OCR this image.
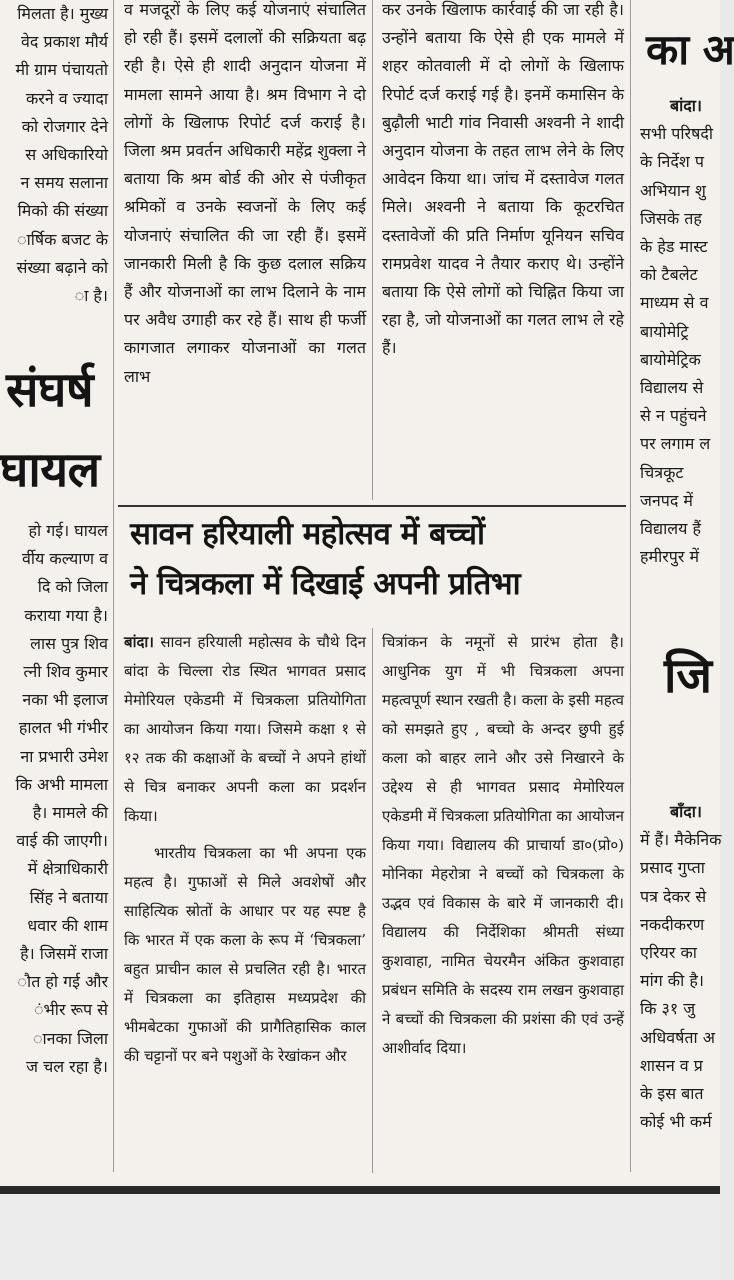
मिलता है। मुख्य
वेद प्रकाश मौर्य
मी ग्राम पंचायतो
करने व ज्यादा
को रोजगार देने
स अधिकारियो
न समय सलाना
मिको की संख्या
ार्षिक बजट के
संख्या बढ़ाने को
ा है।
संघर्ष
घायल
हो गई। घायल
र्वीय कल्याण व
दि को जिला
कराया गया है।
लास पुत्र शिव
त्नी शिव कुमार
नका भी इलाज
हालत भी गंभीर
ना प्रभारी उमेश
कि अभी मामला
है। मामले की
वाई की जाएगी।
में क्षेत्राधिकारी
सिंह ने बताया
धवार की शाम
है। जिसमें राजा
ौत हो गई और
ंभीर रूप से
ानका जिला
ज चल रहा है।

व मजदूरों के लिए कई योजनाएं संचालित हो रही हैं। इसमें दलालों की सक्रियता बढ़ रही है। ऐसे ही शादी अनुदान योजना में मामला सामने आया है। श्रम विभाग ने दो लोगों के खिलाफ रिपोर्ट दर्ज कराई है। जिला श्रम प्रवर्तन अधिकारी महेंद्र शुक्ला ने बताया कि श्रम बोर्ड की ओर से पंजीकृत श्रमिकों व उनके स्वजनों के लिए कई योजनाएं संचालित की जा रही हैं। इसमें जानकारी मिली है कि कुछ दलाल सक्रिय हैं और योजनाओं का लाभ दिलाने के नाम पर अवैध उगाही कर रहे हैं। साथ ही फर्जी कागजात लगाकर योजनाओं का गलत लाभ

कर उनके खिलाफ कार्रवाई की जा रही है। उन्होंने बताया कि ऐसे ही एक मामले में शहर कोतवाली में दो लोगों के खिलाफ रिपोर्ट दर्ज कराई गई है। इनमें कमासिन के बुढ़ौली भाटी गांव निवासी अश्वनी ने शादी अनुदान योजना के तहत लाभ लेने के लिए आवेदन किया था। जांच में दस्तावेज गलत मिले। अश्वनी ने बताया कि कूटरचित दस्तावेजों की प्रति निर्माण यूनियन सचिव रामप्रवेश यादव ने तैयार कराए थे। उन्होंने बताया कि ऐसे लोगों को चिह्नित किया जा रहा है, जो योजनाओं का गलत लाभ ले रहे हैं।

सावन हरियाली महोत्सव में बच्चों
ने चित्रकला में दिखाई अपनी प्रतिभा

बांदा। सावन हरियाली महोत्सव के चौथे दिन बांदा के चिल्ला रोड स्थित भागवत प्रसाद मेमोरियल एकेडमी में चित्रकला प्रतियोगिता का आयोजन किया गया। जिसमे कक्षा १ से १२ तक की कक्षाओं के बच्चों ने अपने हांथों से चित्र बनाकर अपनी कला का प्रदर्शन किया।

भारतीय चित्रकला का भी अपना एक महत्व है। गुफाओं से मिले अवशेषों और साहित्यिक स्रोतों के आधार पर यह स्पष्ट है कि भारत में एक कला के रूप में ‘चित्रकला’ बहुत प्राचीन काल से प्रचलित रही है। भारत में चित्रकला का इतिहास मध्यप्रदेश की भीमबेटका गुफाओं की प्रागैतिहासिक काल की चट्टानों पर बने पशुओं के रेखांकन और

चित्रांकन के नमूनों से प्रारंभ होता है। आधुनिक युग में भी चित्रकला अपना महत्वपूर्ण स्थान रखती है। कला के इसी महत्व को समझते हुए , बच्चो के अन्दर छुपी हुई कला को बाहर लाने और उसे निखारने के उद्देश्य से ही भागवत प्रसाद मेमोरियल एकेडमी में चित्रकला प्रतियोगिता का आयोजन किया गया। विद्यालय की प्राचार्या डा०(प्रो०) मोनिका मेहरोत्रा ने बच्चों को चित्रकला के उद्भव एवं विकास के बारे में जानकारी दी। विद्यालय की निर्देशिका श्रीमती संध्या कुशवाहा, नामित चेयरमैन अंकित कुशवाहा प्रबंधन समिति के सदस्य राम लखन कुशवाहा ने बच्चों की चित्रकला की प्रशंसा की एवं उन्हें आशीर्वाद दिया।

का अ

बांदा।

सभी परिषदी
के निर्देश प
अभियान शु
जिसके तह
के हेड मास्ट
को टैबलेट
माध्यम से व
बायोमेट्रि
बायोमेट्रिक
विद्यालय से
से न पहुंचने
पर लगाम ल
चित्रकूट
जनपद में
विद्यालय हैं
हमीरपुर में
जि

बाँदा।

में हैं। मैकेनिक
प्रसाद गुप्ता
पत्र देकर से
नकदीकरण
एरियर का
मांग की है।
कि ३१ जु
अधिवर्षता अ
शासन व प्र
के इस बात
कोई भी कर्म
